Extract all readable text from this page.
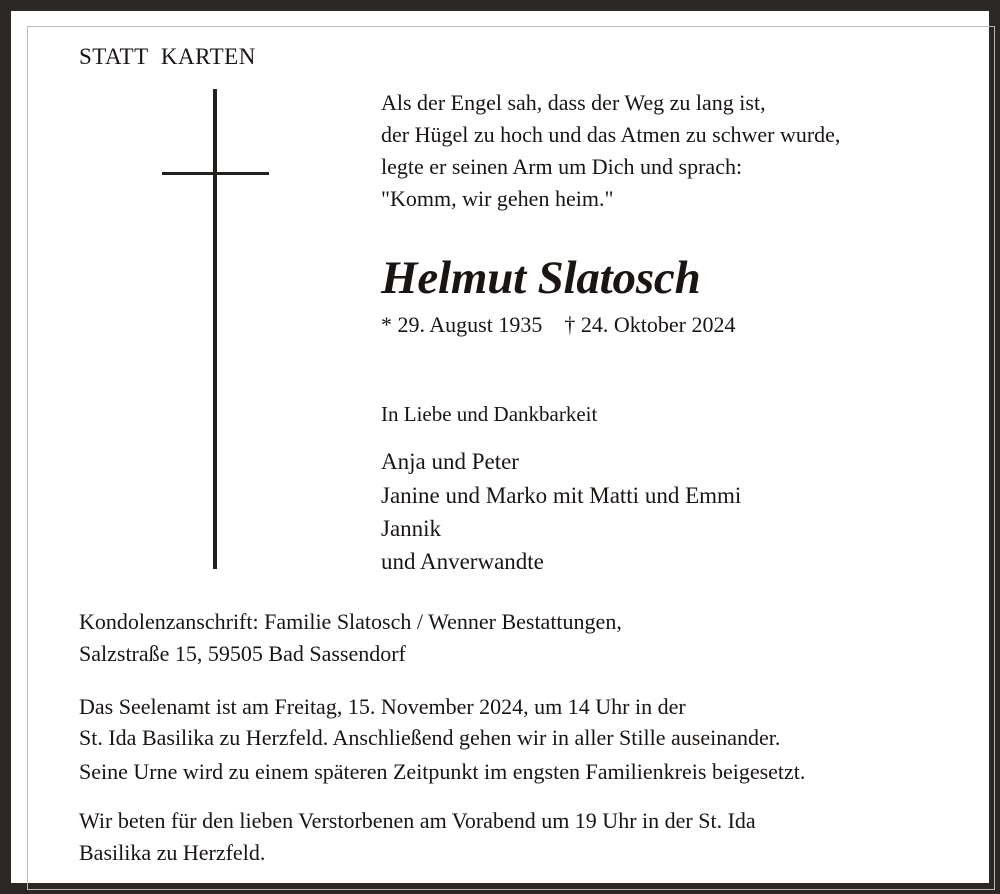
STATT KARTEN

Als der Engel sah, dass der Weg zu lang ist,

der Hügel zu hoch und das Atmen zu schwer wurde,

legte er seinen Arm um Dich und sprach:

"Komm, wir gehen heim."

Helmut Slatosch

* 29. August 1935 † 24. Oktober 2024

In Liebe und Dankbarkeit

Anja und Peter

Janine und Marko mit Matti und Emmi

Jannik

und Anverwandte

Kondolenzanschrift: Familie Slatosch / Wenner Bestattungen,

Salzstraße 15, 59505 Bad Sassendorf

Das Seelenamt ist am Freitag, 15. November 2024, um 14 Uhr in der

St. Ida Basilika zu Herzfeld. Anschließend gehen wir in aller Stille auseinander.

Seine Urne wird zu einem späteren Zeitpunkt im engsten Familienkreis beigesetzt.

Wir beten für den lieben Verstorbenen am Vorabend um 19 Uhr in der St. Ida

Basilika zu Herzfeld.
